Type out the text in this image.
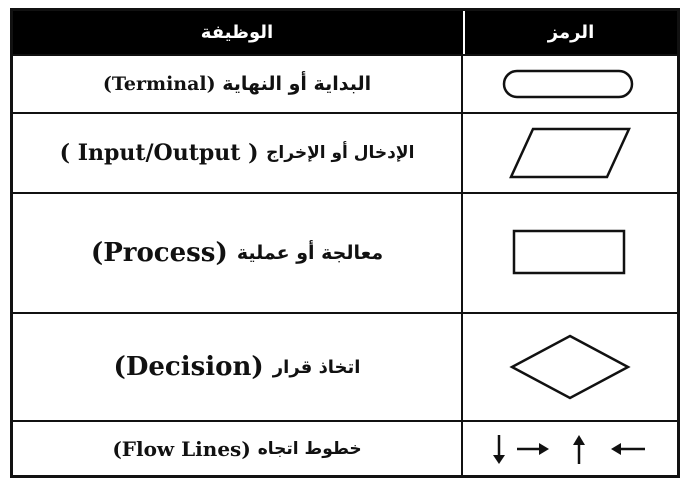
الوظيفة	الرمز
البداية أو النهاية

(Terminal)
الإدخال أو الإخراج

( Input/Output )
معالجة أو عملية

(Process)
اتخاذ قرار

(Decision)
خطوط اتجاه

(Flow Lines)
